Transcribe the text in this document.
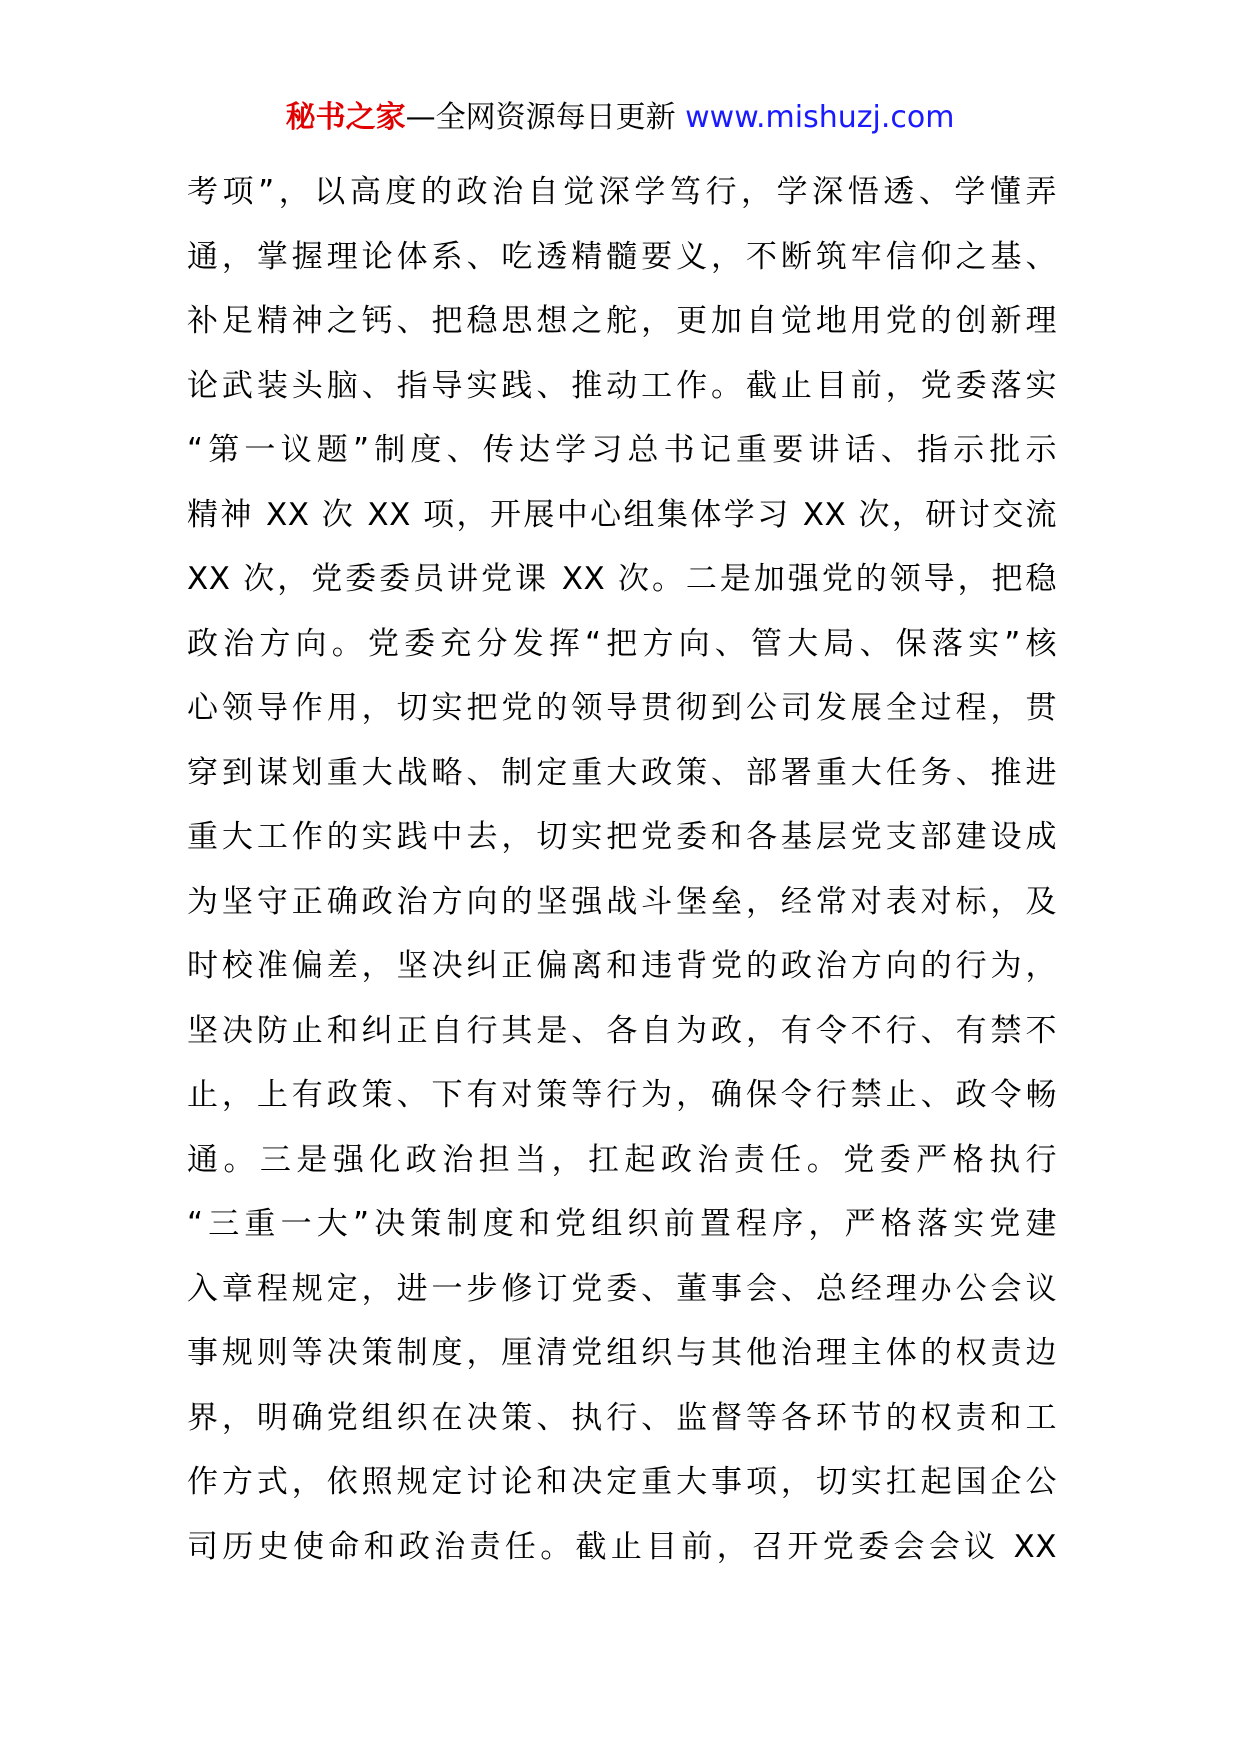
秘书之家—全网资源每日更新 www.mishuzj.com
考项”，以高度的政治自觉深学笃行，学深悟透、学懂弄
通，掌握理论体系、吃透精髓要义，不断筑牢信仰之基、
补足精神之钙、把稳思想之舵，更加自觉地用党的创新理
论武装头脑、指导实践、推动工作。截止目前，党委落实
“第一议题”制度、传达学习总书记重要讲话、指示批示
精神 XX 次 XX 项，开展中心组集体学习 XX 次，研讨交流
XX 次，党委委员讲党课 XX 次。二是加强党的领导，把稳
政治方向。党委充分发挥“把方向、管大局、保落实”核
心领导作用，切实把党的领导贯彻到公司发展全过程，贯
穿到谋划重大战略、制定重大政策、部署重大任务、推进
重大工作的实践中去，切实把党委和各基层党支部建设成
为坚守正确政治方向的坚强战斗堡垒，经常对表对标，及
时校准偏差，坚决纠正偏离和违背党的政治方向的行为，
坚决防止和纠正自行其是、各自为政，有令不行、有禁不
止，上有政策、下有对策等行为，确保令行禁止、政令畅
通。三是强化政治担当，扛起政治责任。党委严格执行
“三重一大”决策制度和党组织前置程序，严格落实党建
入章程规定，进一步修订党委、董事会、总经理办公会议
事规则等决策制度，厘清党组织与其他治理主体的权责边
界，明确党组织在决策、执行、监督等各环节的权责和工
作方式，依照规定讨论和决定重大事项，切实扛起国企公
司历史使命和政治责任。截止目前，召开党委会会议 XX
